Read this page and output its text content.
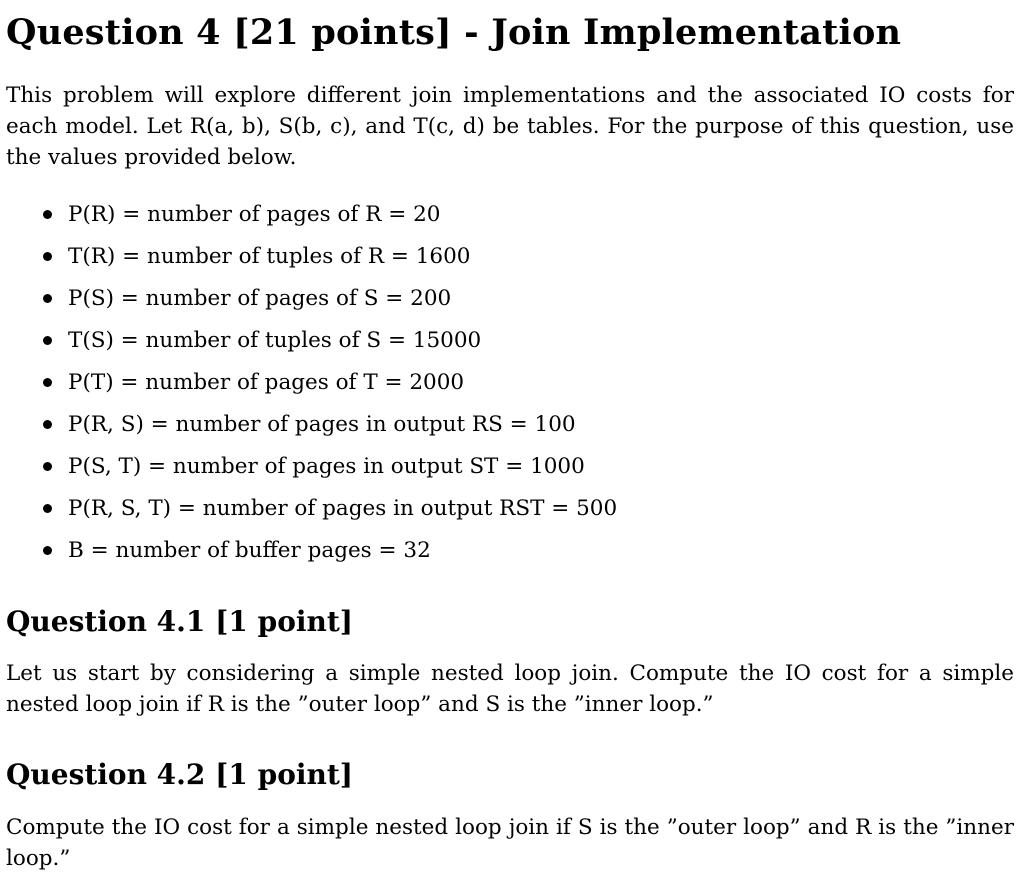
Question 4 [21 points] - Join Implementation

This problem will explore different join implementations and the associated IO costs for each model. Let R(a, b), S(b, c), and T(c, d) be tables. For the purpose of this question, use the values provided below.

P(R) = number of pages of R = 20
T(R) = number of tuples of R = 1600
P(S) = number of pages of S = 200
T(S) = number of tuples of S = 15000
P(T) = number of pages of T = 2000
P(R, S) = number of pages in output RS = 100
P(S, T) = number of pages in output ST = 1000
P(R, S, T) = number of pages in output RST = 500
B = number of buffer pages = 32
Question 4.1 [1 point]

Let us start by considering a simple nested loop join. Compute the IO cost for a simple nested loop join if R is the ”outer loop” and S is the ”inner loop.”

Question 4.2 [1 point]

Compute the IO cost for a simple nested loop join if S is the ”outer loop” and R is the ”inner loop.”
